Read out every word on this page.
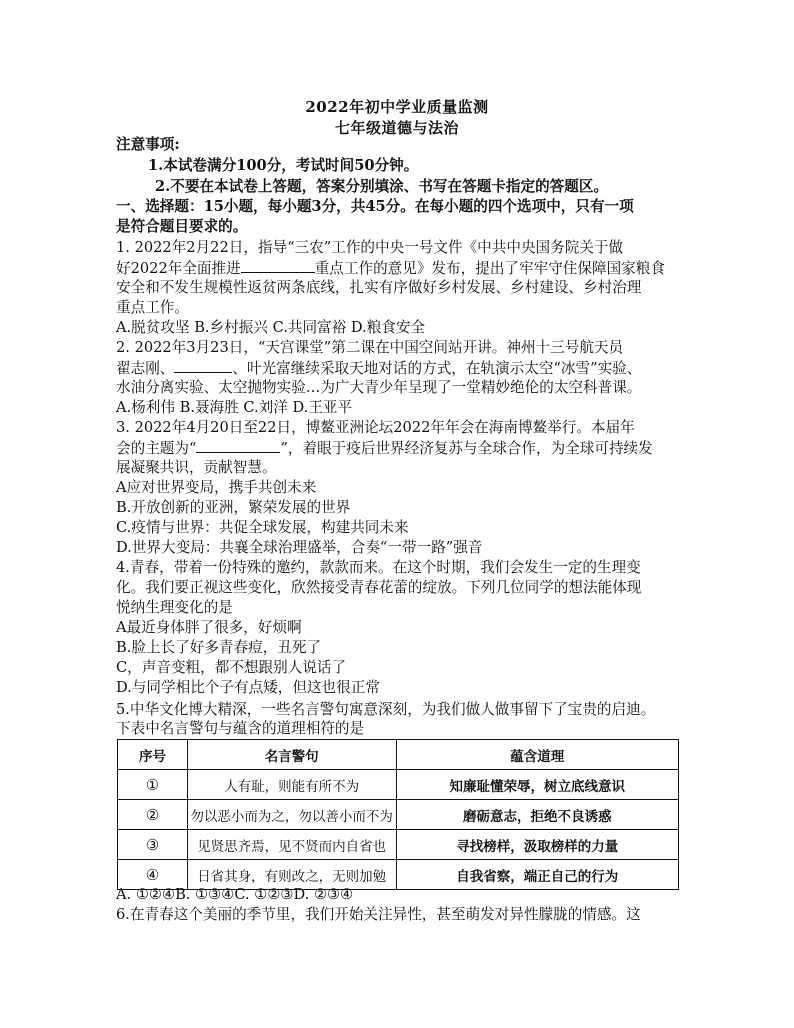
2022年初中学业质量监测
七年级道德与法治
注意事项:
1.本试卷满分100分，考试时间50分钟。
2.不要在本试卷上答题，答案分别填涂、书写在答题卡指定的答题区。
一、选择题：15小题，每小题3分，共45分。在每小题的四个选项中，只有一项
是符合题目要求的。
1. 2022年2月22日，指导“三农”工作的中央一号文件《中共中央国务院关于做
好2022年全面推进	重点工作的意见》发布，提出了牢牢守住保障国家粮食
安全和不发生规模性返贫两条底线，扎实有序做好乡村发展、乡村建设、乡村治理
重点工作。
A.脱贫攻坚 B.乡村振兴 C.共同富裕 D.粮食安全
2. 2022年3月23日，“天宫课堂”第二课在中国空间站开讲。神州十三号航天员
翟志刚、	、叶光富继续采取天地对话的方式，在轨演示太空“冰雪”实验、
水油分离实验、太空抛物实验…为广大青少年呈现了一堂精妙绝伦的太空科普课。
A.杨利伟 B.聂海胜 C.刘洋 D.王亚平
3. 2022年4月20日至22日，博鳌亚洲论坛2022年年会在海南博鳌举行。本届年
会的主题为“	”，着眼于疫后世界经济复苏与全球合作，为全球可持续发
展凝聚共识，贡献智慧。
A应对世界变局，携手共创未来
B.开放创新的亚洲，繁荣发展的世界
C.疫情与世界：共促全球发展，构建共同未来
D.世界大变局：共襄全球治理盛举，合奏“一带一路”强音
4.青春，带着一份特殊的邀约，款款而来。在这个时期，我们会发生一定的生理变
化。我们要正视这些变化，欣然接受青春花蕾的绽放。下列几位同学的想法能体现
悦纳生理变化的是
A最近身体胖了很多，好烦啊
B.脸上长了好多青春痘，丑死了
C，声音变粗，都不想跟别人说话了
D.与同学相比个子有点矮，但这也很正常
5.中华文化博大精深，一些名言警句寓意深刻，为我们做人做事留下了宝贵的启迪。
下表中名言警句与蕴含的道理相符的是
序号	名言警句	蕴含道理
①	人有耻，则能有所不为	知廉耻懂荣辱，树立底线意识
②	勿以恶小而为之，勿以善小而不为	磨砺意志，拒绝不良诱惑
③	见贤思齐焉，见不贤而内自省也	寻找榜样，汲取榜样的力量
④	日省其身，有则改之，无则加勉	自我省察，端正自己的行为
A. ①②④B. ①③④C. ①②③D. ②③④
6.在青春这个美丽的季节里，我们开始关注异性，甚至萌发对异性朦胧的情感。这
